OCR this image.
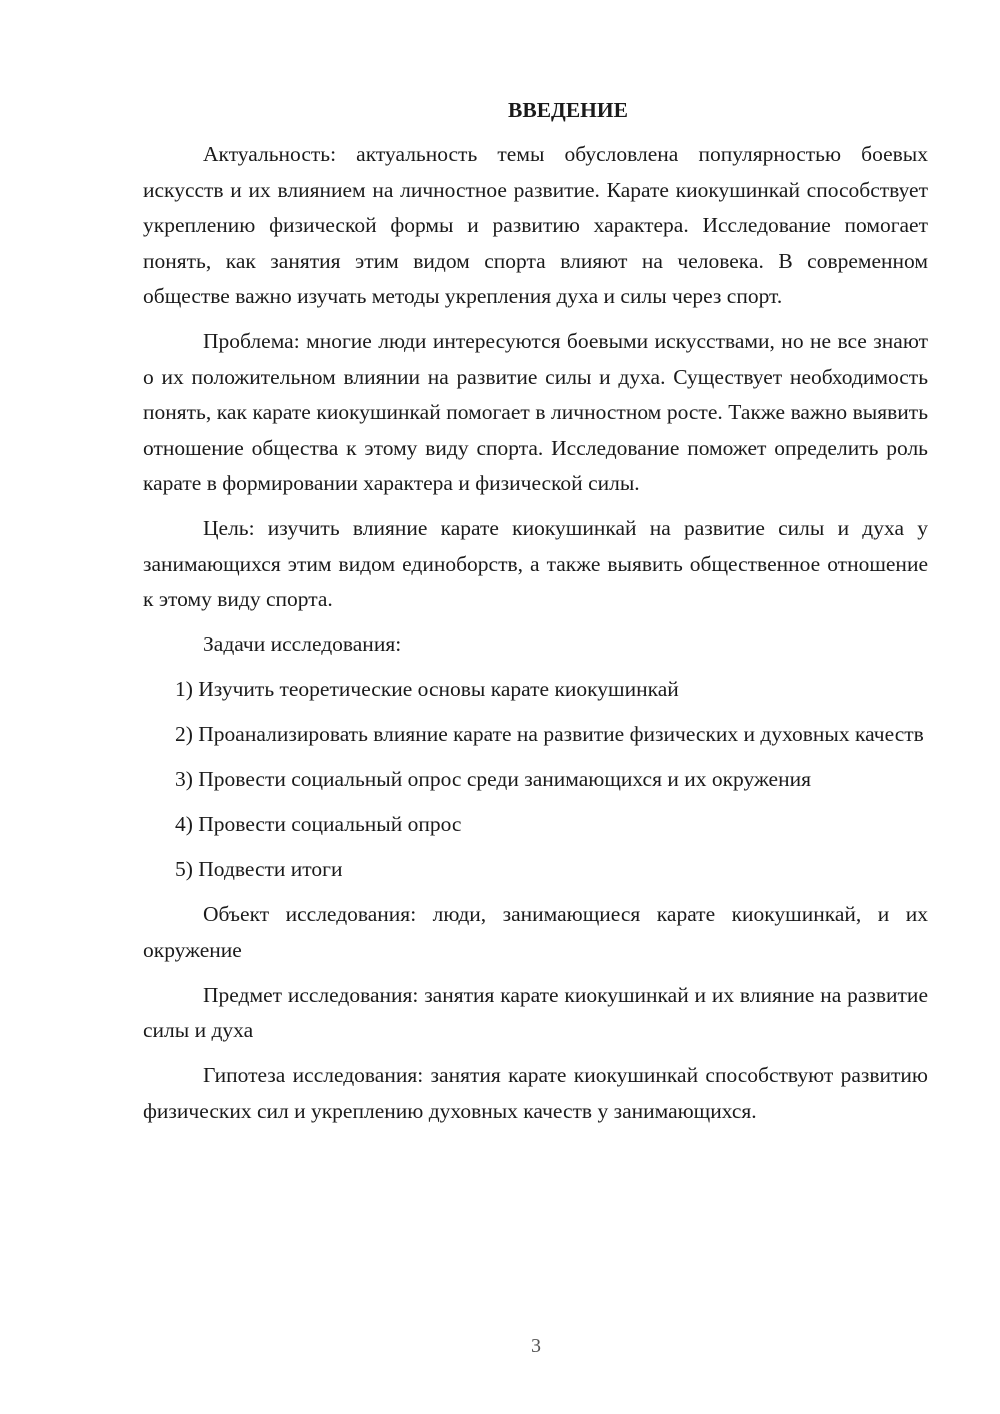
ВВЕДЕНИЕ

Актуальность: актуальность темы обусловлена популярностью боевых искусств и их влиянием на личностное развитие. Карате киокушинкай способствует укреплению физической формы и развитию характера. Исследование помогает понять, как занятия этим видом спорта влияют на человека. В современном обществе важно изучать методы укрепления духа и силы через спорт.

Проблема: многие люди интересуются боевыми искусствами, но не все знают о их положительном влиянии на развитие силы и духа. Существует необходимость понять, как карате киокушинкай помогает в личностном росте. Также важно выявить отношение общества к этому виду спорта. Исследование поможет определить роль карате в формировании характера и физической силы.

Цель: изучить влияние карате киокушинкай на развитие силы и духа у занимающихся этим видом единоборств, а также выявить общественное отношение к этому виду спорта.

Задачи исследования:

1) Изучить теоретические основы карате киокушинкай

2) Проанализировать влияние карате на развитие физических и духовных качеств

3) Провести социальный опрос среди занимающихся и их окружения

4) Провести социальный опрос

5) Подвести итоги

Объект исследования: люди, занимающиеся карате киокушинкай, и их окружение

Предмет исследования: занятия карате киокушинкай и их влияние на развитие силы и духа

Гипотеза исследования: занятия карате киокушинкай способствуют развитию физических сил и укреплению духовных качеств у занимающихся.

3
